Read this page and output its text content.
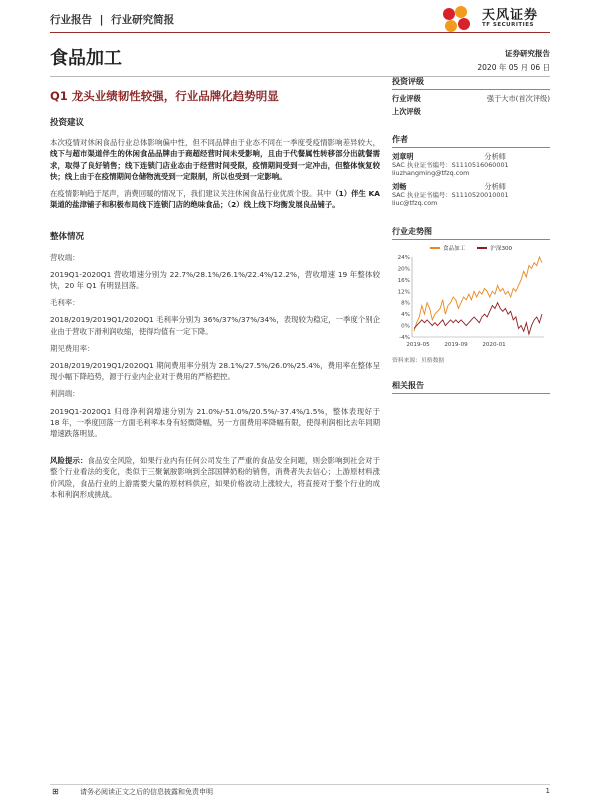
行业报告 | 行业研究简报	天风证券
TF SECURITIES
食品加工	证券研究报告
2020 年 05 月 06 日
Q1 龙头业绩韧性较强，行业品牌化趋势明显
投资建议
本次疫情对休闲食品行业总体影响偏中性，但不同品牌由于业态不同在一季度受疫情影响差异较大，线下与超市渠道伴生的休闲食品品牌由于商超经营时间未受影响，且由于代餐属性转移部分出就餐需求，取得了良好销售；线下连锁门店业态由于经营时间受限，疫情期间受到一定冲击，但整体恢复较快；线上由于在疫情期间仓储物流受到一定限制，所以也受到一定影响。
在疫情影响趋于尾声，消费回暖的情况下，我们建议关注休闲食品行业优质个股。其中（1）伴生 KA 渠道的盐津铺子和积极布局线下连锁门店的绝味食品；（2）线上线下均衡发展良品铺子。
整体情况
营收端：
2019Q1-2020Q1 营收增速分别为 22.7%/28.1%/26.1%/22.4%/12.2%，营收增速 19 年整体较快，20 年 Q1 有明显回落。
毛利率：
2018/2019/2019Q1/2020Q1 毛利率分别为 36%/37%/37%/34%，表现较为稳定，一季度个别企业由于营收下滑利润收缩，使得均值有一定下降。
期见费用率：
2018/2019/2019Q1/2020Q1 期间费用率分别为 28.1%/27.5%/26.0%/25.4%，费用率在整体呈现小幅下降趋势，源于行业内企业对于费用的严格把控。
利润端：
2019Q1-2020Q1 归母净利润增速分别为 21.0%/-51.0%/20.5%/-37.4%/1.5%，整体表现好于 18 年，一季度回落一方面毛利率本身有轻微降幅，另一方面费用率降幅有限，使得利润相比去年同期增速跌落明显。
风险提示：食品安全风险，如果行业内有任何公司发生了严重的食品安全问题，则会影响到社会对于整个行业看法的变化，类似于三聚氰胺影响到全部国牌奶粉的销售，消费者失去信心；上游原材料涨价风险，食品行业的上游需要大量的原材料供应，如果价格波动上涨较大，将直接对于整个行业的成本和利润形成挑战。
投资评级
行业评级	强于大市(首次评级)
上次评级
作者
刘章明	分析师
SAC 执业证书编号：S1110516060001
liuzhangming@tfzq.com
刘畅	分析师
SAC 执业证书编号：S1110520010001
liuc@tfzq.com
行业走势图
食品加工	沪深300
24%
20%
16%
12%
8%
4%
0%
-4%
2019-05	2019-09	2020-01
资料来源：贝格数据
相关报告
⊞	请务必阅读正文之后的信息披露和免责申明	1
